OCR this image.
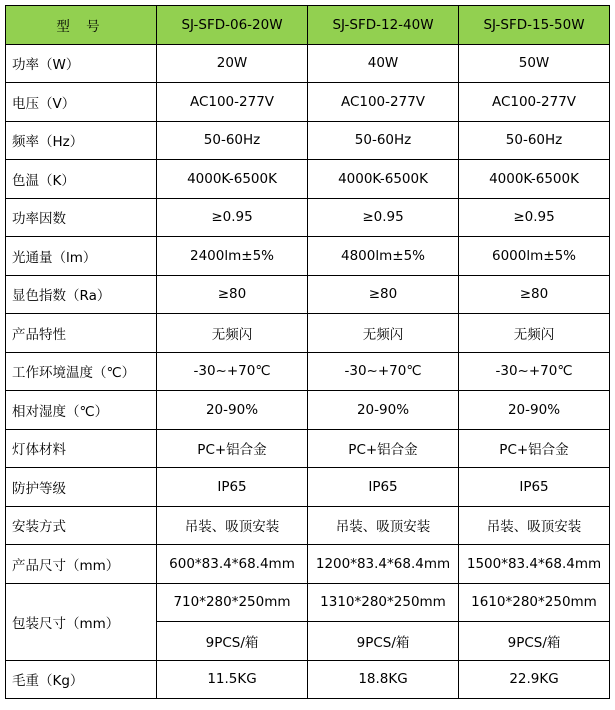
型 号	SJ-SFD-06-20W	SJ-SFD-12-40W	SJ-SFD-15-50W
功率（W）	20W	40W	50W
电压（V）	AC100-277V	AC100-277V	AC100-277V
频率（Hz）	50-60Hz	50-60Hz	50-60Hz
色温（K）	4000K-6500K	4000K-6500K	4000K-6500K
功率因数	≥0.95	≥0.95	≥0.95
光通量（lm）	2400lm±5%	4800lm±5%	6000lm±5%
显色指数（Ra）	≥80	≥80	≥80
产品特性	无频闪	无频闪	无频闪
工作环境温度（℃）	-30~+70℃	-30~+70℃	-30~+70℃
相对湿度（℃）	20-90%	20-90%	20-90%
灯体材料	PC+铝合金	PC+铝合金	PC+铝合金
防护等级	IP65	IP65	IP65
安装方式	吊装、吸顶安装	吊装、吸顶安装	吊装、吸顶安装
产品尺寸（mm）	600*83.4*68.4mm	1200*83.4*68.4mm	1500*83.4*68.4mm
包装尺寸（mm）	710*280*250mm	1310*280*250mm	1610*280*250mm
	9PCS/箱	9PCS/箱	9PCS/箱
毛重（Kg）	11.5KG	18.8KG	22.9KG
